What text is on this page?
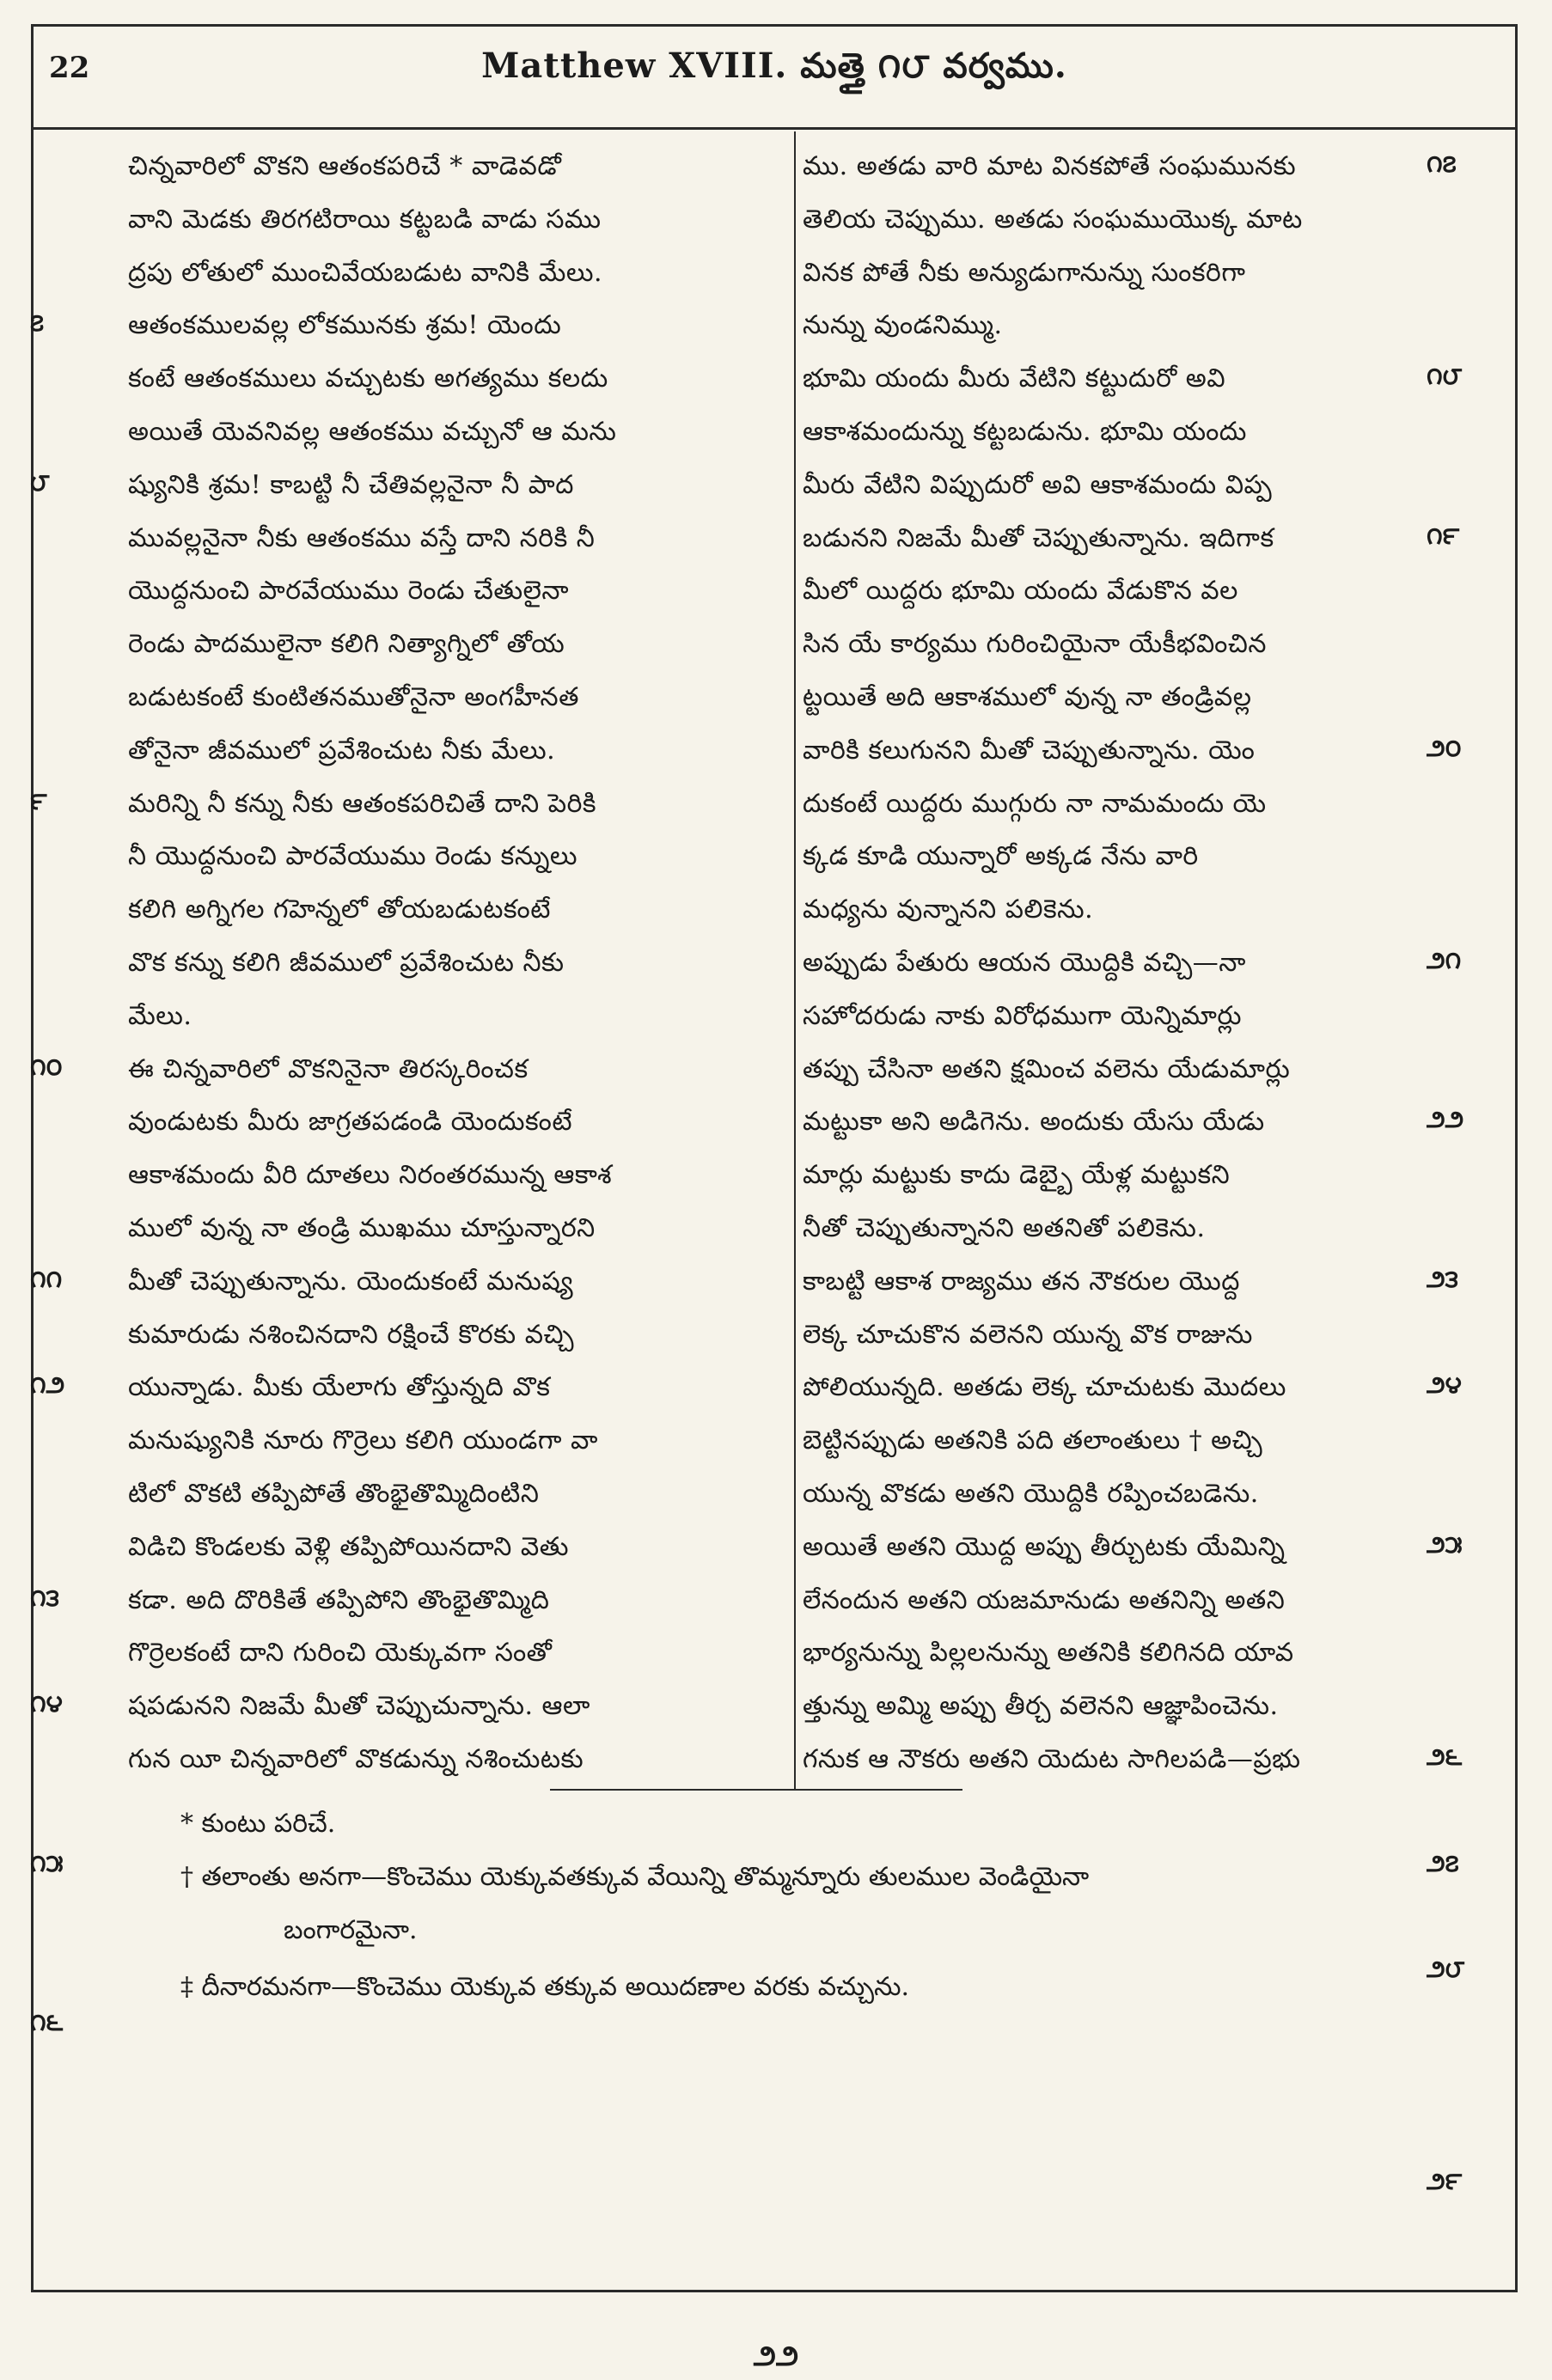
22	Matthew XVIII. మత్తై ౧౮ వర్వము.
చిన్నవారిలో వొకని ఆతంకపరిచే * వాడెవడో
వాని మెడకు తిరగటిరాయి కట్టబడి వాడు సము
ద్రపు లోతులో ముంచివేయబడుట వానికి మేలు.
ఆతంకములవల్ల లోకమునకు శ్రమ! యెందు
కంటే ఆతంకములు వచ్చుటకు అగత్యము కలదు
అయితే యెవనివల్ల ఆతంకము వచ్చునో ఆ మను
ష్యునికి శ్రమ! కాబట్టి నీ చేతివల్లనైనా నీ పాద
మువల్లనైనా నీకు ఆతంకము వస్తే దాని నరికి నీ
యొద్దనుంచి పారవేయుము రెండు చేతులైనా
రెండు పాదములైనా కలిగి నిత్యాగ్నిలో తోయ
బడుటకంటే కుంటితనముతోనైనా అంగహీనత
తోనైనా జీవములో ప్రవేశించుట నీకు మేలు.
మరిన్ని నీ కన్ను నీకు ఆతంకపరిచితే దాని పెరికి
నీ యొద్దనుంచి పారవేయుము రెండు కన్నులు
కలిగి అగ్నిగల గహెన్నలో తోయబడుటకంటే
వొక కన్ను కలిగి జీవములో ప్రవేశించుట నీకు
మేలు.
ఈ చిన్నవారిలో వొకనినైనా తిరస్కరించక
వుండుటకు మీరు జాగ్రతపడండి యెందుకంటే
ఆకాశమందు వీరి దూతలు నిరంతరమున్న ఆకాశ
ములో వున్న నా తండ్రి ముఖము చూస్తున్నారని
మీతో చెప్పుతున్నాను. యెందుకంటే మనుష్య
కుమారుడు నశించినదాని రక్షించే కొరకు వచ్చి
యున్నాడు. మీకు యేలాగు తోస్తున్నది వొక
మనుష్యునికి నూరు గొర్రెలు కలిగి యుండగా వా
టిలో వొకటి తప్పిపోతే తొంభైతొమ్మిదింటిని
విడిచి కొండలకు వెళ్లి తప్పిపోయినదాని వెతు
కడా. అది దొరికితే తప్పిపోని తొంభైతొమ్మిది
గొర్రెలకంటే దాని గురించి యెక్కువగా సంతో
షపడునని నిజమే మీతో చెప్పుచున్నాను. ఆలా
గున యీ చిన్నవారిలో వొకడున్ను నశించుటకు
ము. అతడు వారి మాట వినకపోతే సంఘమునకు
తెలియ చెప్పుము. అతడు సంఘముయొక్క మాట
వినక పోతే నీకు అన్యుడుగానున్ను సుంకరిగా
నున్ను వుండనిమ్ము.
భూమి యందు మీరు వేటిని కట్టుదురో అవి
ఆకాశమందున్ను కట్టబడును. భూమి యందు
మీరు వేటిని విప్పుదురో అవి ఆకాశమందు విప్ప
బడునని నిజమే మీతో చెప్పుతున్నాను. ఇదిగాక
మీలో యిద్దరు భూమి యందు వేడుకొన వల
సిన యే కార్యము గురించియైనా యేకీభవించిన
ట్టయితే అది ఆకాశములో వున్న నా తండ్రివల్ల
వారికి కలుగునని మీతో చెప్పుతున్నాను. యెం
దుకంటే యిద్దరు ముగ్గురు నా నామమందు యె
క్కడ కూడి యున్నారో అక్కడ నేను వారి
మధ్యను వున్నానని పలికెను.
అప్పుడు పేతురు ఆయన యొద్దికి వచ్చి—నా
సహోదరుడు నాకు విరోధముగా యెన్నిమార్లు
తప్పు చేసినా అతని క్షమించ వలెను యేడుమార్లు
మట్టుకా అని అడిగెను. అందుకు యేసు యేడు
మార్లు మట్టుకు కాదు డెబ్బై యేళ్ల మట్టుకని
నీతో చెప్పుతున్నానని అతనితో పలికెను.
కాబట్టి ఆకాశ రాజ్యము తన నౌకరుల యొద్ద
లెక్క చూచుకొన వలెనని యున్న వొక రాజును
పోలియున్నది. అతడు లెక్క చూచుటకు మొదలు
బెట్టినప్పుడు అతనికి పది తలాంతులు † అచ్చి
యున్న వొకడు అతని యొద్దికి రప్పించబడెను.
అయితే అతని యొద్ద అప్పు తీర్చుటకు యేమిన్ని
లేనందున అతని యజమానుడు అతనిన్ని అతని
భార్యనున్ను పిల్లలనున్ను అతనికి కలిగినది యావ
త్తున్ను అమ్మి అప్పు తీర్చ వలెనని ఆజ్ఞాపించెను.
గనుక ఆ నౌకరు అతని యెదుట సాగిలపడి—ప్రభు
౭
౮
౯
౧౦
౧౧
౧౨
౧౩
౧౪
౧౫
౧౬
౧౭
౧౮
౧౯
౨౦
౨౧
౨౨
౨౩
౨౪
౨౫
౨౬
౨౭
౨౮
౨౯
* కుంటు పరిచే.
† తలాంతు అనగా—కొంచెము యెక్కువతక్కువ వేయిన్ని తొమ్మన్నూరు తులముల వెండియైనా
బంగారమైనా.
‡ దీనారమనగా—కొంచెము యెక్కువ తక్కువ అయిదణాల వరకు వచ్చును.
౨౨
